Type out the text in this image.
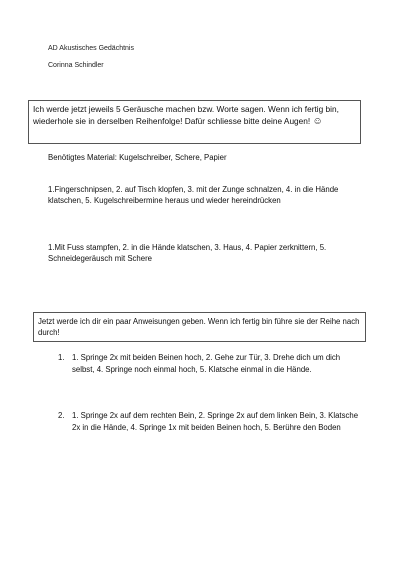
AD Akustisches Gedächtnis
Corinna Schindler
Ich werde jetzt jeweils 5 Geräusche machen bzw. Worte sagen. Wenn ich fertig bin, wiederhole sie in derselben Reihenfolge! Dafür schliesse bitte deine Augen! ☺
Benötigtes Material: Kugelschreiber, Schere, Papier
1.Fingerschnipsen, 2. auf Tisch klopfen, 3. mit der Zunge schnalzen, 4. in die Hände klatschen, 5. Kugelschreibermine heraus und wieder hereindrücken
1.Mit Fuss stampfen, 2. in die Hände klatschen, 3. Haus, 4. Papier zerknittern, 5. Schneidegeräusch mit Schere
Jetzt werde ich dir ein paar Anweisungen geben. Wenn ich fertig bin führe sie der Reihe nach durch!
1. 1. Springe 2x mit beiden Beinen hoch, 2. Gehe zur Tür, 3. Drehe dich um dich selbst, 4. Springe noch einmal hoch, 5. Klatsche einmal in die Hände.
2. 1. Springe 2x auf dem rechten Bein, 2. Springe 2x auf dem linken Bein, 3. Klatsche 2x in die Hände, 4. Springe 1x mit beiden Beinen hoch, 5. Berühre den Boden
